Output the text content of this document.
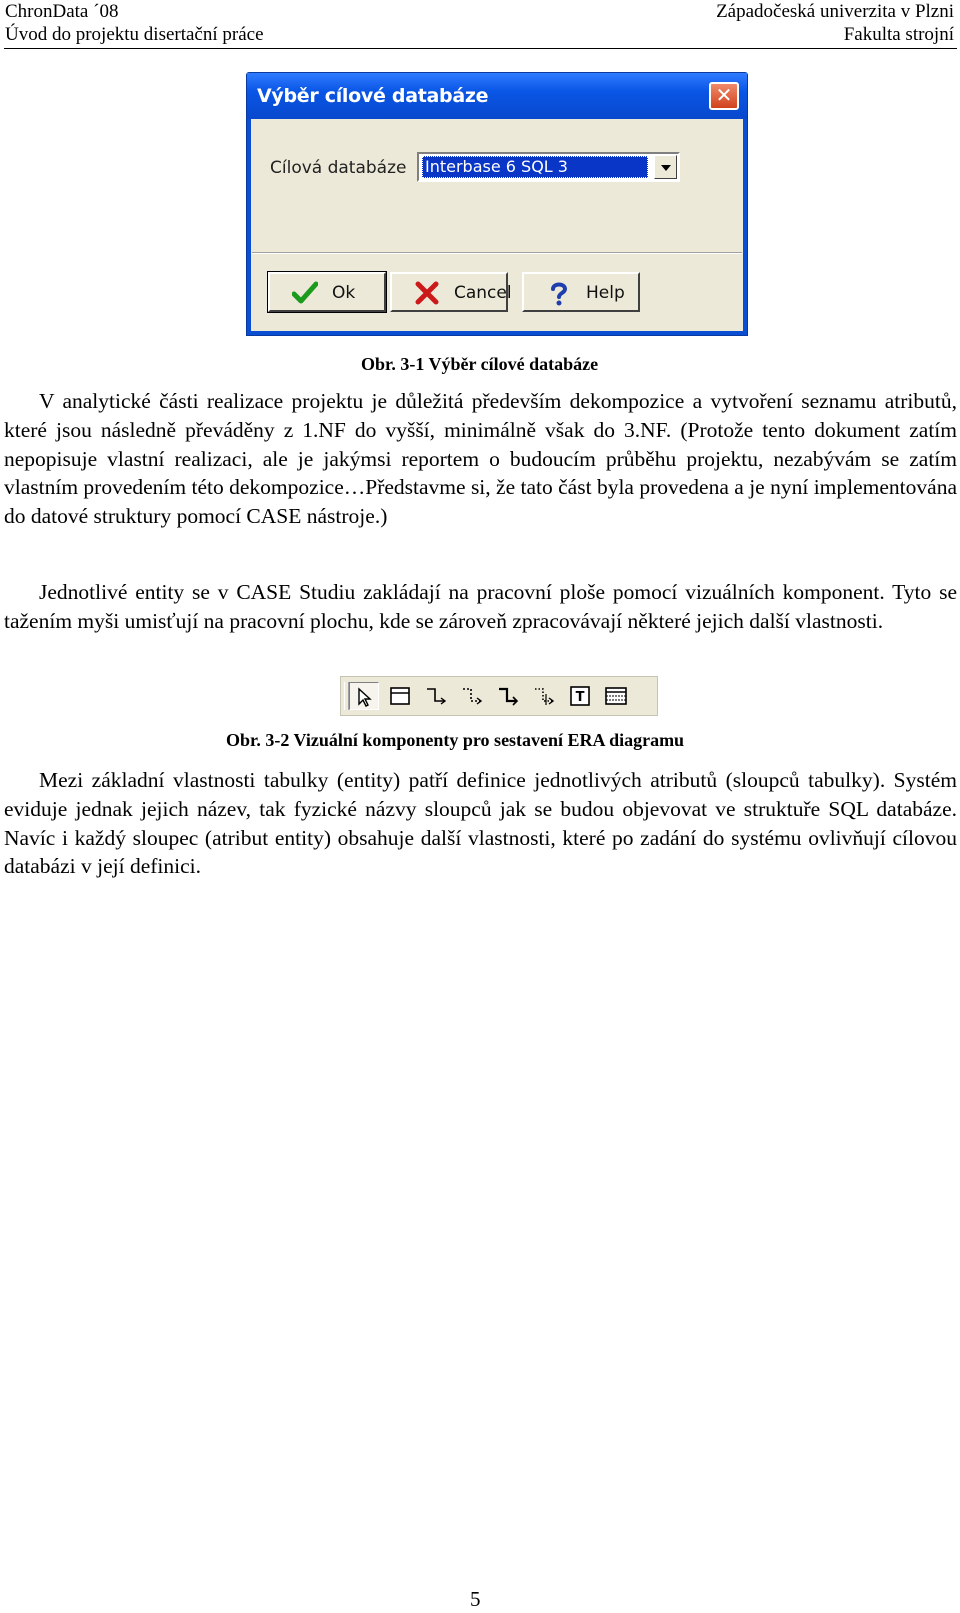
ChronData ´08
Úvod do projektu disertační práce
Západočeská univerzita v Plzni
Fakulta strojní
Výběr cílové databáze	✕
Cílová databáze Interbase 6 SQL 3
Ok	Cancel	Help
Obr. 3-1 Výběr cílové databáze
V analytické části realizace projektu je důležitá především dekompozice a vytvoření seznamu atributů, které jsou následně převáděny z 1.NF do vyšší, minimálně však do 3.NF. (Protože tento dokument zatím nepopisuje vlastní realizaci, ale je jakýmsi reportem o budoucím průběhu projektu, nezabývám se zatím vlastním provedením této dekompozice…Představme si, že tato část byla provedena a je nyní implementována do datové struktury pomocí CASE nástroje.)
Jednotlivé entity se v CASE Studiu zakládají na pracovní ploše pomocí vizuálních komponent. Tyto se tažením myši umisťují na pracovní plochu, kde se zároveň zpracovávají některé jejich další vlastnosti.
T
Obr. 3-2 Vizuální komponenty pro sestavení ERA diagramu
Mezi základní vlastnosti tabulky (entity) patří definice jednotlivých atributů (sloupců tabulky). Systém eviduje jednak jejich název, tak fyzické názvy sloupců jak se budou objevovat ve struktuře SQL databáze. Navíc i každý sloupec (atribut entity) obsahuje další vlastnosti, které po zadání do systému ovlivňují cílovou databázi v její definici.
5
